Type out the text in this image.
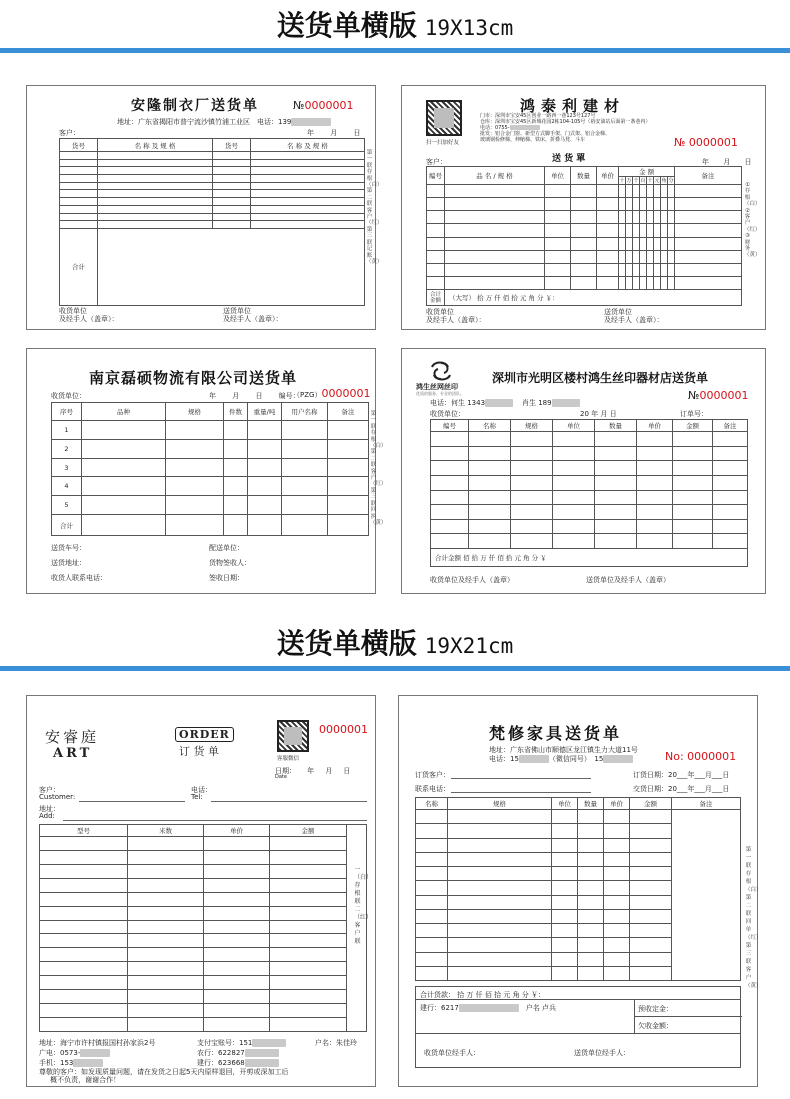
送货单横版 19X13cm
送货单横版 19X21cm
安隆制衣厂送货单	№0000001
地址：广东省揭阳市普宁流沙镇竹浦工业区　 电话：139
客户：	年 月 日
货号	名 称 及 规 格	货号	名 称 及 规 格

合计			
第一联存根（白）第二联客户（红）第三联记账（黄）
收货单位
及经手人（盖章）：
送货单位
及经手人（盖章）：
扫一扫加好友
鸿泰利建材
门市：深圳市宝安45区创业一路西一巷123号127号
仓库：深圳市宝安45区新城花园2栋104-105号（裕安油站后面第一条巷内）
电话：0755-
批发：铝合金门窗、新型方式脚手架、门式架、铝合金梯、
玻璃钢检修梯、伸缩梯、铁床、折叠马凳、斗车	№ 0000001
送 货 單
客户：	年 月 日
编号	品 名 / 规 格	单位	数量	单价	金 额								备注
					十	万	千	百	十	元	角	分	

合计
金额	（大写） 拾 万 仟 佰 拾 元 角 分 ￥：												
①存根（白）②客户（红）③财务（黄）
收货单位
及经手人（盖章）：
送货单位
及经手人（盖章）：
南京磊硕物流有限公司送货单
收货单位：	年 月 日 编号：
（PZG）0000001
序号	品种	规格	件数	重量/吨	用户名称	备注
1						
2						
3						
4						
5						
合计						
第一联存根（白）第二联客户（红）第三联回执（黄）
送货车号：	配送单位：
送货地址：	货物签收人：
收货人联系电话：	签收日期：
鸿生丝网丝印
优质的服务，专业的团队。
深圳市光明区楼村鸿生丝印器材店送货单
电话：何生 1343	肖生 189
№0000001
收货单位：	20 年 月 日	订单号：
编号	名称	规格	单位	数量	单价	金额	备注

合计金额 佰 拾 万 仟 佰 拾 元 角 分 ￥							
收货单位及经手人（盖章）	送货单位及经手人（盖章）
安睿庭
ART
ORDER
订 货 单
客服微信
0000001
日期：     年     月     日
Date
客户：
Customer:
电话：
Tel:
地址：
Add:
型号	米数	单价	金额

一（白）存根联 二（红）客户联
地址：海宁市许村镇报国村孙家浜2号	支付宝账号：151	户名：朱佳玲
广电：0573-	农行：622827
手机：153	建行：623668
尊敬的客户：如发现质量问题，请在发货之日起5天内原样退回，开剪或深加工后
概不负责，谢谢合作！
梵修家具送货单
地址：广东省佛山市顺德区龙江镇生力大道11号
电话：15	（微信同号）　 15	No: 0000001
订货客户：	订货日期：20___年___月___日
联系电话：	交货日期：20___年___月___日
名称	规格	单位	数量	单价	金额	备注

合计货款： 拾 万 仟 佰 拾 元 角 分 ￥：
建行：6217　	户名 卢兵	预收定金：
欠收金额：
收货单位经手人：	送货单位经手人：
第一联存根（白）第二联回单（红）第三联客户（黄）
